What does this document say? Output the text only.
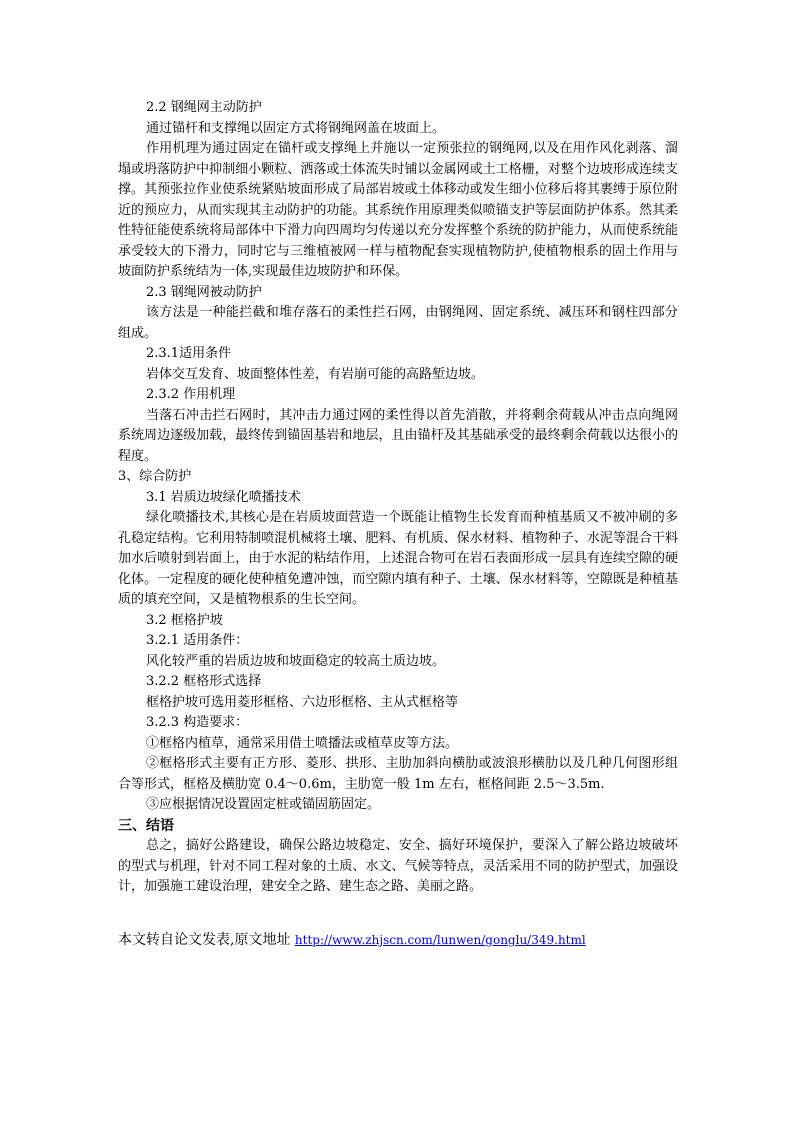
2.2 钢绳网主动防护

通过锚杆和支撑绳以固定方式将钢绳网盖在坡面上。

作用机理为通过固定在锚杆或支撑绳上并施以一定预张拉的钢绳网,以及在用作风化剥落、溜塌或坍落防护中抑制细小颗粒、洒落或土体流失时铺以金属网或土工格栅，对整个边坡形成连续支撑。其预张拉作业使系统紧贴坡面形成了局部岩坡或土体移动或发生细小位移后将其裹缚于原位附近的预应力，从而实现其主动防护的功能。其系统作用原理类似喷锚支护等层面防护体系。然其柔性特征能使系统将局部体中下滑力向四周均匀传递以充分发挥整个系统的防护能力，从而使系统能承受较大的下滑力，同时它与三维植被网一样与植物配套实现植物防护,使植物根系的固土作用与坡面防护系统结为一体,实现最佳边坡防护和环保。

2.3 钢绳网被动防护

该方法是一种能拦截和堆存落石的柔性拦石网，由钢绳网、固定系统、减压环和钢柱四部分组成。

2.3.1适用条件

岩体交互发育、坡面整体性差，有岩崩可能的高路堑边坡。

2.3.2 作用机理

当落石冲击拦石网时，其冲击力通过网的柔性得以首先消散，并将剩余荷载从冲击点向绳网系统周边逐级加载，最终传到锚固基岩和地层，且由锚杆及其基础承受的最终剩余荷载以达很小的程度。

3、综合防护

3.1 岩质边坡绿化喷播技术

绿化喷播技术,其核心是在岩质坡面营造一个既能让植物生长发育而种植基质又不被冲刷的多孔稳定结构。它利用特制喷混机械将土壤、肥料、有机质、保水材料、植物种子、水泥等混合干料加水后喷射到岩面上，由于水泥的粘结作用，上述混合物可在岩石表面形成一层具有连续空隙的硬化体。一定程度的硬化使种植免遭冲蚀，而空隙内填有种子、土壤、保水材料等，空隙既是种植基质的填充空间，又是植物根系的生长空间。

3.2 框格护坡

3.2.1 适用条件：

风化较严重的岩质边坡和坡面稳定的较高土质边坡。

3.2.2 框格形式选择

框格护坡可选用菱形框格、六边形框格、主从式框格等

3.2.3 构造要求：

①框格内植草，通常采用借土喷播法或植草皮等方法。

②框格形式主要有正方形、菱形、拱形、主肋加斜向横肋或波浪形横肋以及几种几何图形组合等形式，框格及横肋宽 0.4～0.6m，主肋宽一般 1m 左右，框格间距 2.5～3.5m.

③应根据情况设置固定桩或锚固筋固定。

三、结语

总之，搞好公路建设，确保公路边坡稳定、安全、搞好环境保护，要深入了解公路边坡破坏的型式与机理，针对不同工程对象的土质、水文、气候等特点，灵活采用不同的防护型式，加强设计，加强施工建设治理，建安全之路、建生态之路、美丽之路。

本文转自论文发表,原文地址 http://www.zhjscn.com/lunwen/gonglu/349.html
